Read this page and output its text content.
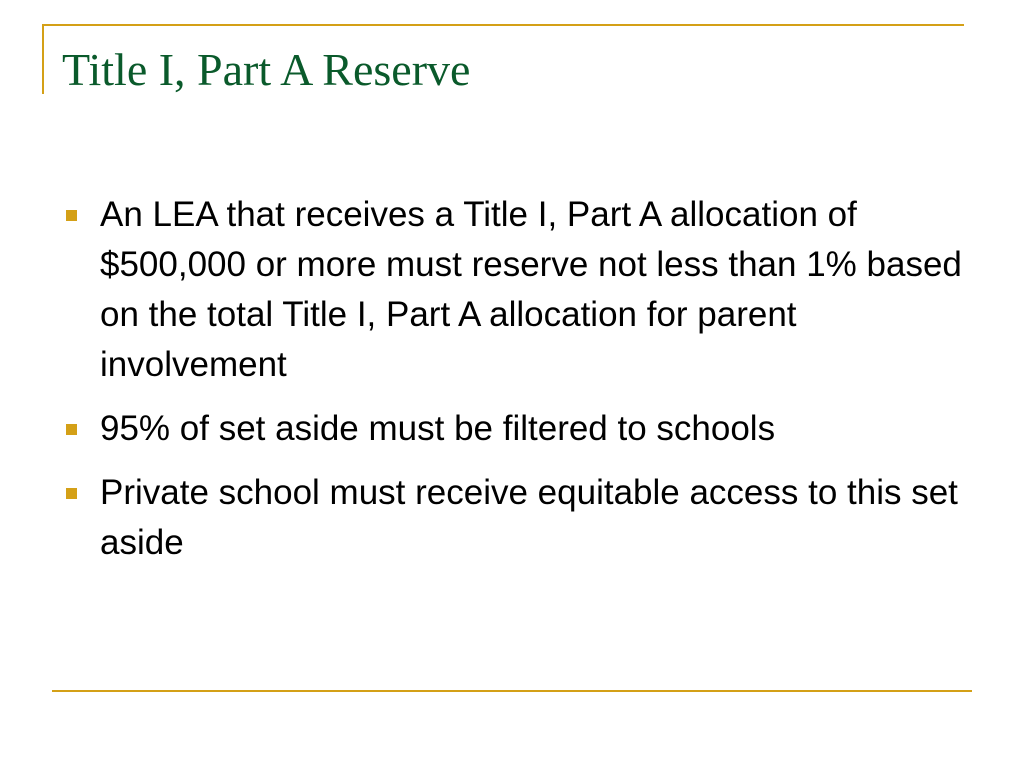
Title I, Part A Reserve
An LEA that receives a Title I, Part A allocation of $500,000 or more must reserve not less than 1% based on the total Title I, Part A allocation for parent involvement
95% of set aside must be filtered to schools
Private school must receive equitable access to this set aside
